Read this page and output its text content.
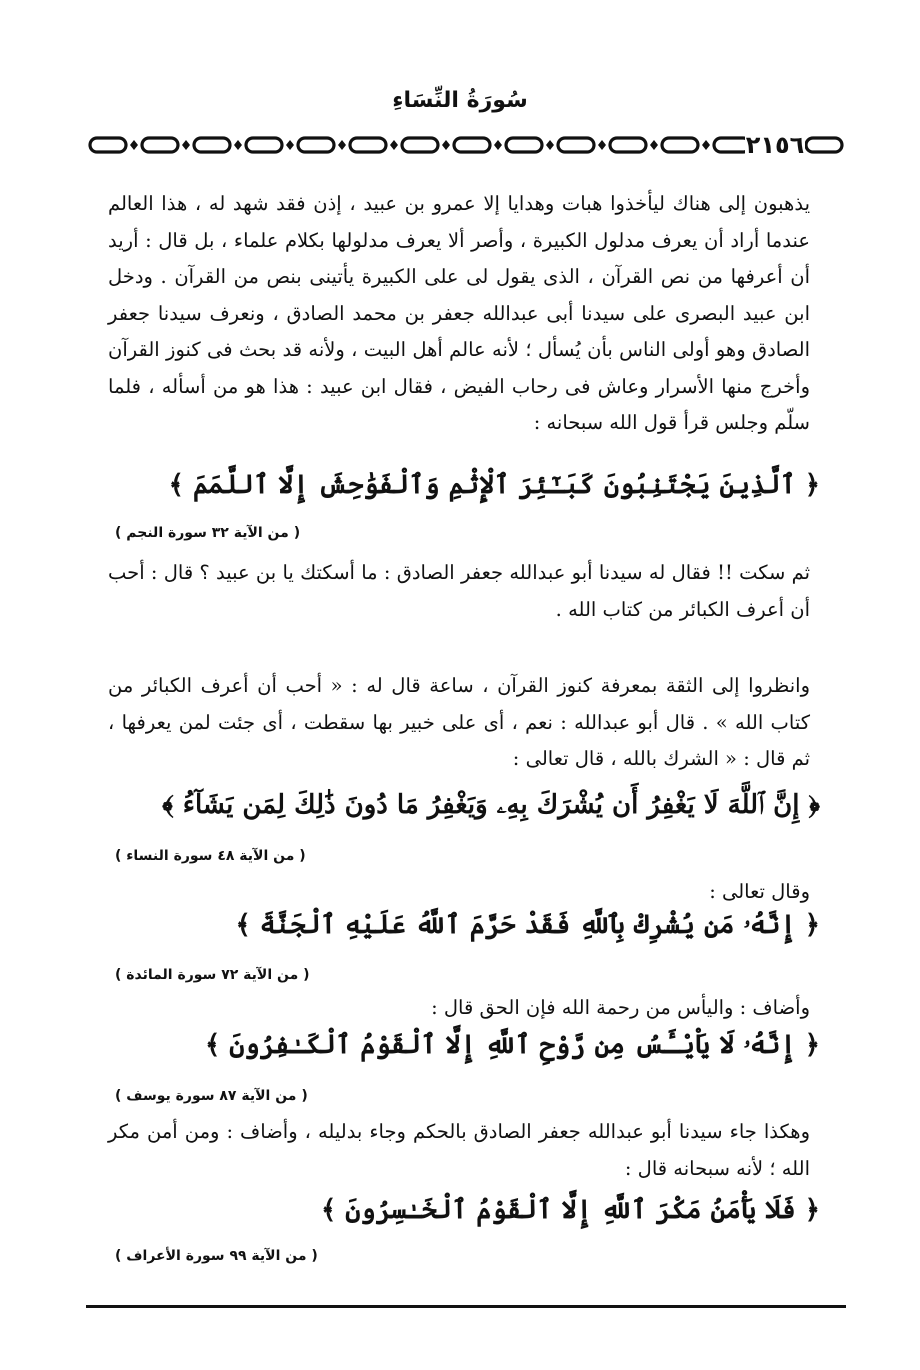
سُورَةُ النِّسَاءِ
٢١٥٦
يذهبون إلى هناك ليأخذوا هبات وهدايا إلا عمرو بن عبيد ، إذن فقد شهد له ، هذا العالم عندما أراد أن يعرف مدلول الكبيرة ، وأصر ألا يعرف مدلولها بكلام علماء ، بل قال : أريد أن أعرفها من نص القرآن ، الذى يقول لى على الكبيرة يأتينى بنص من القرآن . ودخل ابن عبيد البصرى على سيدنا أبى عبدالله جعفر بن محمد الصادق ، ونعرف سيدنا جعفر الصادق وهو أولى الناس بأن يُسأل ؛ لأنه عالم أهل البيت ، ولأنه قد بحث فى كنوز القرآن وأخرج منها الأسرار وعاش فى رحاب الفيض ، فقال ابن عبيد : هذا هو من أسأله ، فلما سلّم وجلس قرأ قول الله سبحانه :
﴿ ٱلَّذِينَ يَجْتَنِبُونَ كَبَـٰٓئِرَ ٱلْإِثْمِ وَٱلْفَوَٰحِشَ إِلَّا ٱللَّمَمَ ﴾
( من الآية ٣٢ سورة النجم )
ثم سكت !! فقال له سيدنا أبو عبدالله جعفر الصادق : ما أسكتك يا بن عبيد ؟ قال : أحب أن أعرف الكبائر من كتاب الله .
وانظروا إلى الثقة بمعرفة كنوز القرآن ، ساعة قال له : « أحب أن أعرف الكبائر من كتاب الله » . قال أبو عبدالله : نعم ، أى على خبير بها سقطت ، أى جئت لمن يعرفها ، ثم قال : « الشرك بالله ، قال تعالى :
﴿ إِنَّ ٱللَّهَ لَا يَغْفِرُ أَن يُشْرَكَ بِهِۦ وَيَغْفِرُ مَا دُونَ ذَٰلِكَ لِمَن يَشَآءُ ﴾
( من الآية ٤٨ سورة النساء )
وقال تعالى :
﴿ إِنَّهُۥ مَن يُشْرِكْ بِٱللَّهِ فَقَدْ حَرَّمَ ٱللَّهُ عَلَيْهِ ٱلْجَنَّةَ ﴾
( من الآية ٧٢ سورة المائدة )
وأضاف : واليأس من رحمة الله فإن الحق قال :
﴿ إِنَّهُۥ لَا يَاْيْـَٔسُ مِن رَّوْحِ ٱللَّهِ إِلَّا ٱلْقَوْمُ ٱلْكَـٰفِرُونَ ﴾
( من الآية ٨٧ سورة يوسف )
وهكذا جاء سيدنا أبو عبدالله جعفر الصادق بالحكم وجاء بدليله ، وأضاف : ومن أمن مكر الله ؛ لأنه سبحانه قال :
﴿ فَلَا يَأْمَنُ مَكْرَ ٱللَّهِ إِلَّا ٱلْقَوْمُ ٱلْخَـٰسِرُونَ ﴾
( من الآية ٩٩ سورة الأعراف )
